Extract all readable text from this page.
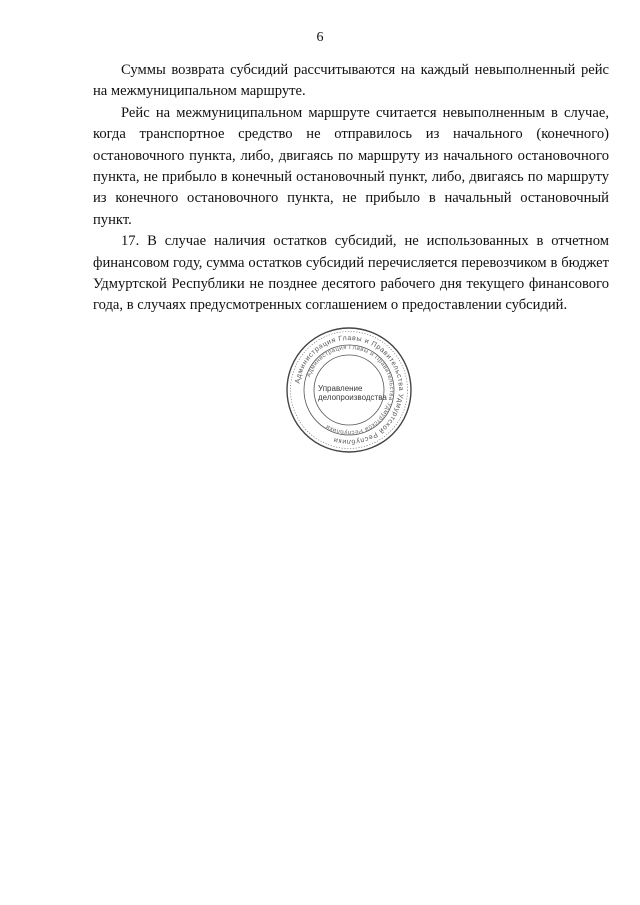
6

Суммы возврата субсидий рассчитываются на каждый невыполненный рейс на межмуниципальном маршруте.

Рейс на межмуниципальном маршруте считается невыполненным в случае, когда транспортное средство не отправилось из начального (конечного) остановочного пункта, либо, двигаясь по маршруту из начального остановочного пункта, не прибыло в конечный остановочный пункт, либо, двигаясь по маршруту из конечного остановочного пункта, не прибыло в начальный остановочный пункт.

17. В случае наличия остатков субсидий, не использованных в отчетном финансовом году, сумма остатков субсидий перечисляется перевозчиком в бюджет Удмуртской Республики не позднее десятого рабочего дня текущего финансового года, в случаях предусмотренных соглашением о предоставлении субсидий.

Администрация Главы и Правительства Удмуртской Республики
Администрация Главы и Правительства Удмуртской Республики
Управление
делопроизводства
